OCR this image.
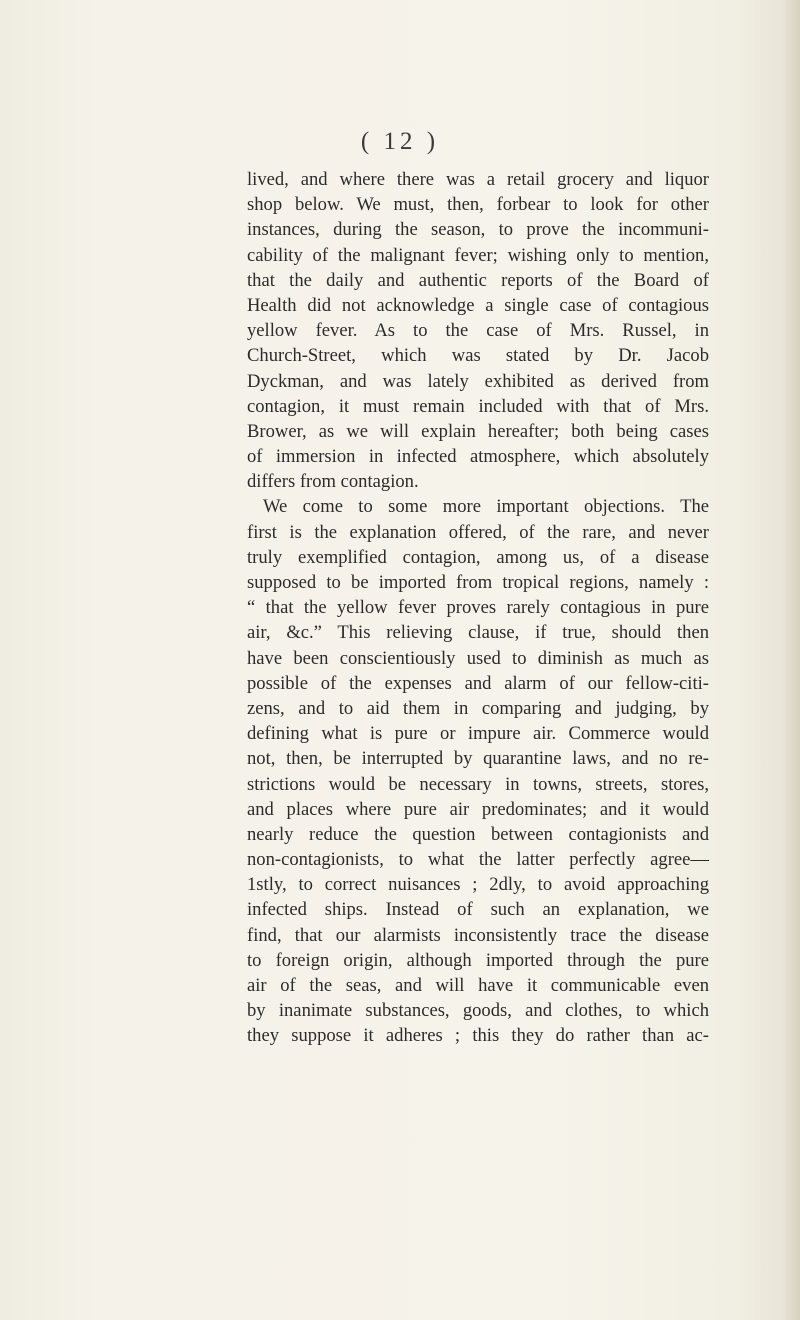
( 12 )
lived, and where there was a retail grocery and liquor
shop below. We must, then, forbear to look for other
instances, during the season, to prove the incommuni-
cability of the malignant fever; wishing only to mention,
that the daily and authentic reports of the Board of
Health did not acknowledge a single case of contagious
yellow fever. As to the case of Mrs. Russel, in
Church-Street, which was stated by Dr. Jacob
Dyckman, and was lately exhibited as derived from
contagion, it must remain included with that of Mrs.
Brower, as we will explain hereafter; both being cases
of immersion in infected atmosphere, which absolutely
differs from contagion.
We come to some more important objections. The
first is the explanation offered, of the rare, and never
truly exemplified contagion, among us, of a disease
supposed to be imported from tropical regions, namely :
“ that the yellow fever proves rarely contagious in pure
air, &c.” This relieving clause, if true, should then
have been conscientiously used to diminish as much as
possible of the expenses and alarm of our fellow-citi-
zens, and to aid them in comparing and judging, by
defining what is pure or impure air. Commerce would
not, then, be interrupted by quarantine laws, and no re-
strictions would be necessary in towns, streets, stores,
and places where pure air predominates; and it would
nearly reduce the question between contagionists and
non-contagionists, to what the latter perfectly agree—
1stly, to correct nuisances ; 2dly, to avoid approaching
infected ships. Instead of such an explanation, we
find, that our alarmists inconsistently trace the disease
to foreign origin, although imported through the pure
air of the seas, and will have it communicable even
by inanimate substances, goods, and clothes, to which
they suppose it adheres ; this they do rather than ac-
